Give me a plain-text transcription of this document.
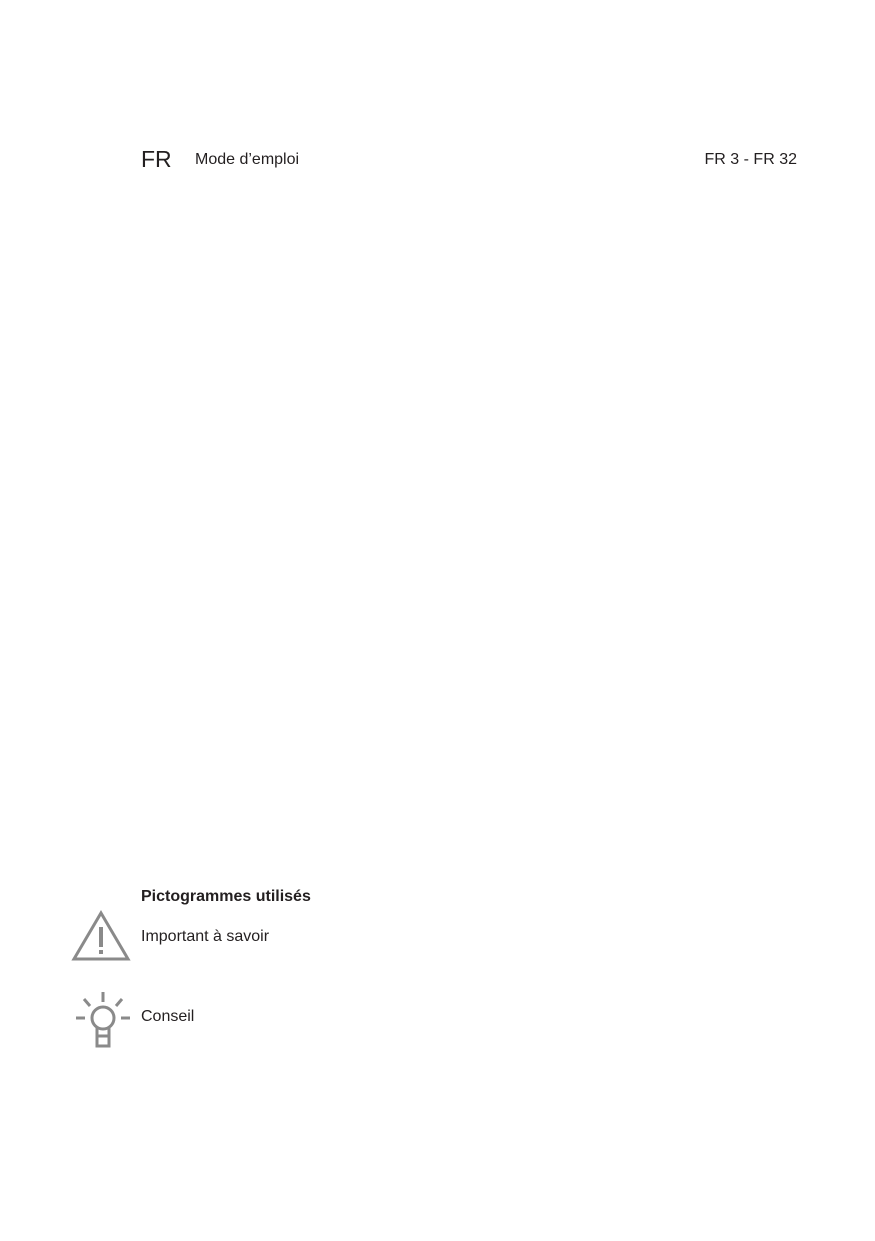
FR Mode d’emploi	FR 3 - FR 32
Pictogrammes utilisés
Important à savoir
Conseil
